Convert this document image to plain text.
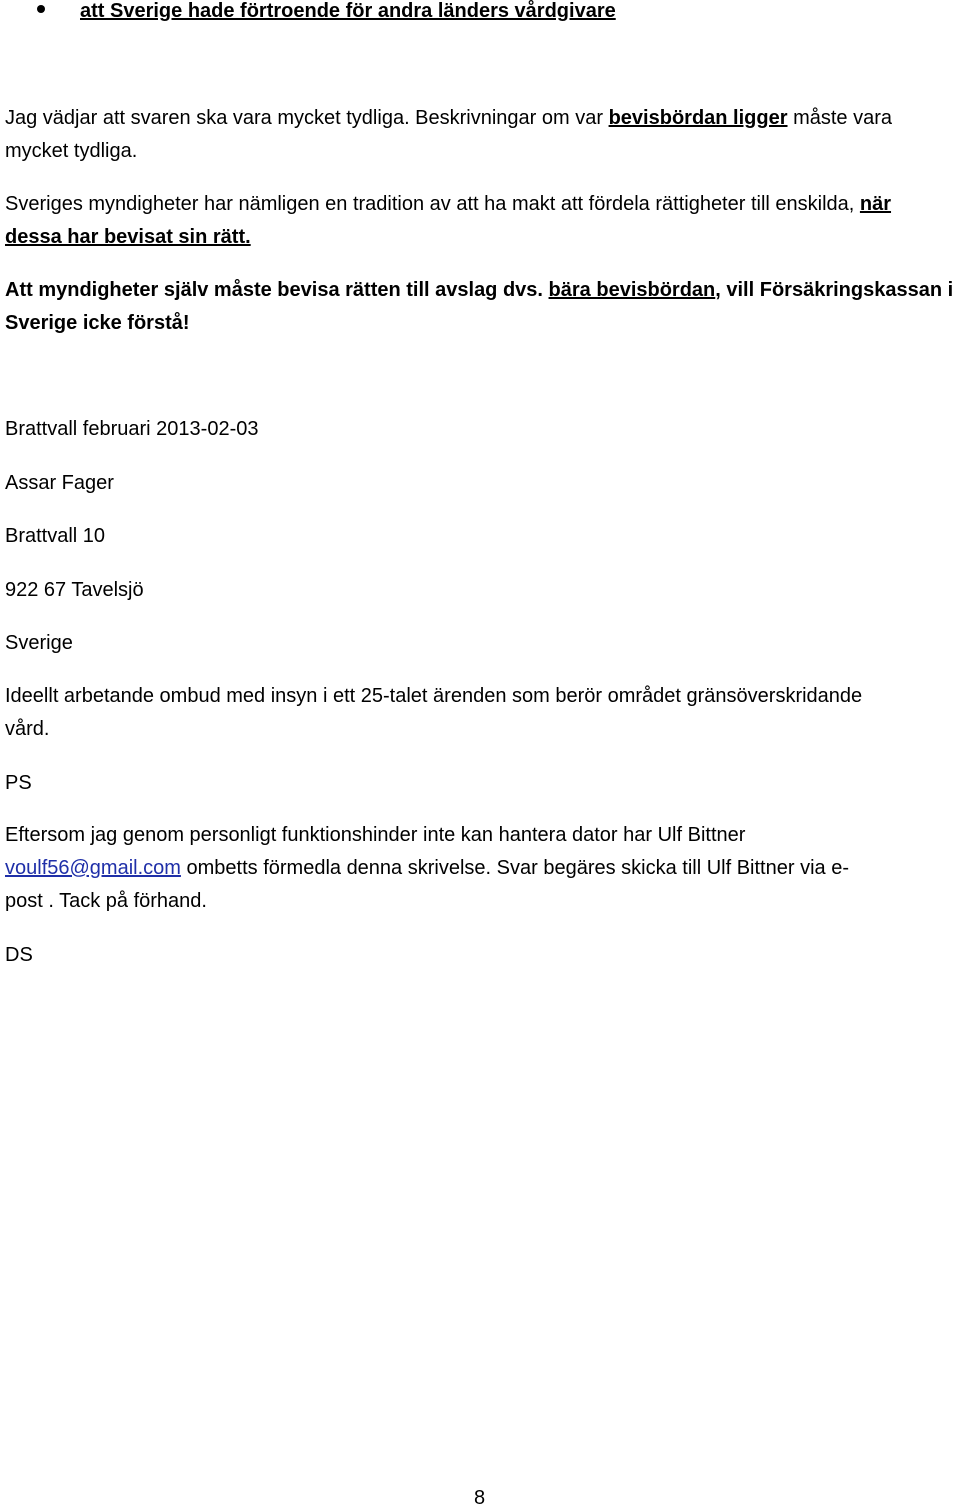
att Sverige hade förtroende för andra länders vårdgivare

Jag vädjar att svaren ska vara mycket tydliga. Beskrivningar om var bevisbördan ligger måste vara
mycket tydliga.

Sveriges myndigheter har nämligen en tradition av att ha makt att fördela rättigheter till enskilda, när
dessa har bevisat sin rätt.

Att myndigheter själv måste bevisa rätten till avslag dvs. bära bevisbördan, vill Försäkringskassan i
Sverige icke förstå!

Brattvall februari 2013-02-03

Assar Fager

Brattvall 10

922 67 Tavelsjö

Sverige

Ideellt arbetande ombud med insyn i ett 25-talet ärenden som berör området gränsöverskridande
vård.

PS

Eftersom jag genom personligt funktionshinder inte kan hantera dator har Ulf Bittner
voulf56@gmail.com ombetts förmedla denna skrivelse. Svar begäres skicka till Ulf Bittner via e-
post . Tack på förhand.

DS

8
